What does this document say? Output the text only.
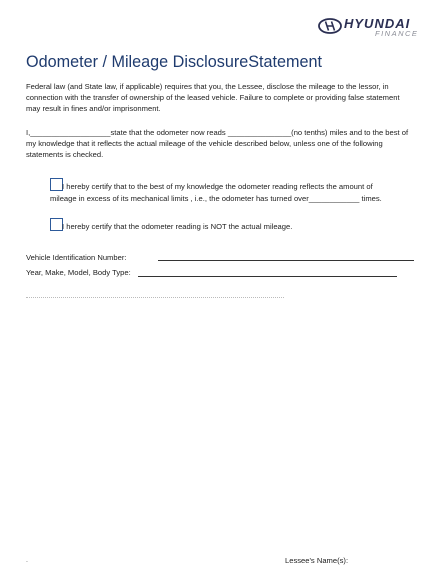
HYUNDAI
FINANCE
Odometer / Mileage DisclosureStatement
Federal law (and State law, if applicable) requires that you, the Lessee, disclose the mileage to the lessor, in connection with the transfer of ownership of the leased vehicle. Failure to complete or providing false statement may result in fines and/or imprisonment.
I,___________________state that the odometer now reads _______________(no tenths) miles and to the best of my knowledge that it reflects the actual mileage of the vehicle described below, unless one of the following statements is checked.
I hereby certify that to the best of my knowledge the odometer reading reflects the amount of
mileage in excess of its mechanical limits , i.e., the odometer has turned over____________ times.
I hereby certify that the odometer reading is NOT the actual mileage.
Vehicle Identification Number:
Year, Make, Model, Body Type:
.	Lessee's Name(s):
